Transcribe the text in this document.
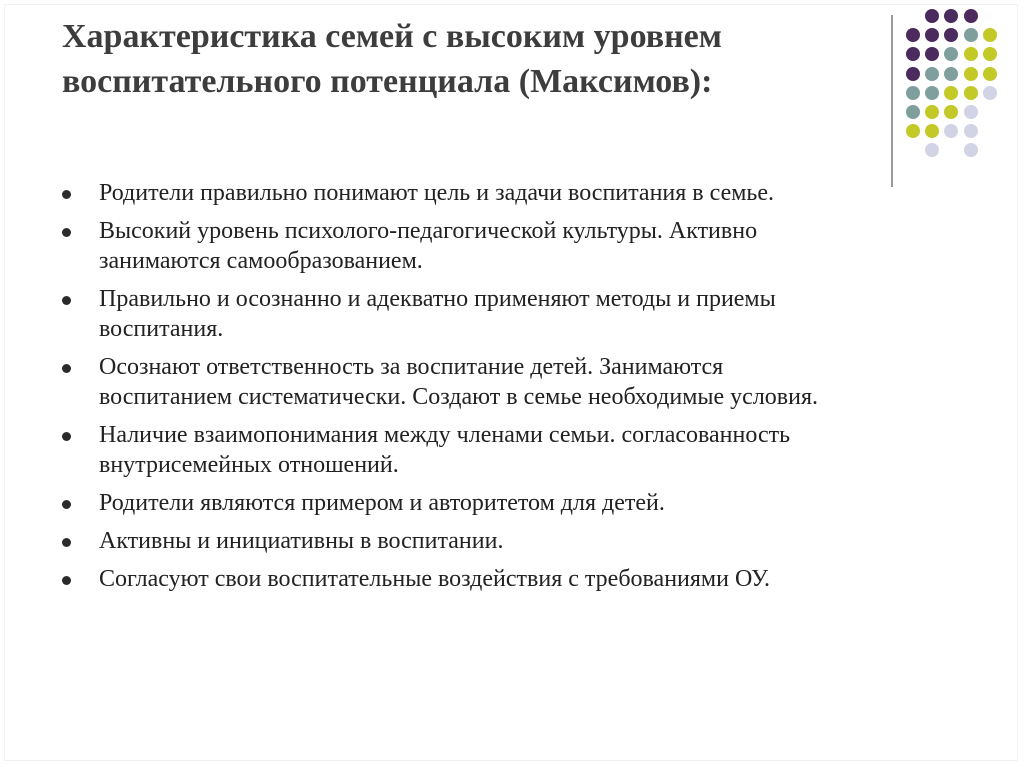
Характеристика семей с высоким уровнем
воспитательного потенциала (Максимов):
Родители правильно понимают цель и задачи воспитания в семье.
Высокий уровень психолого-педагогической культуры. Активно
занимаются самообразованием.
Правильно и осознанно и адекватно применяют методы и приемы
воспитания.
Осознают ответственность за воспитание детей. Занимаются
воспитанием систематически. Создают в семье необходимые условия.
Наличие взаимопонимания между членами семьи. согласованность
внутрисемейных отношений.
Родители являются примером и авторитетом для детей.
Активны и инициативны в воспитании.
Согласуют свои воспитательные воздействия с требованиями ОУ.
